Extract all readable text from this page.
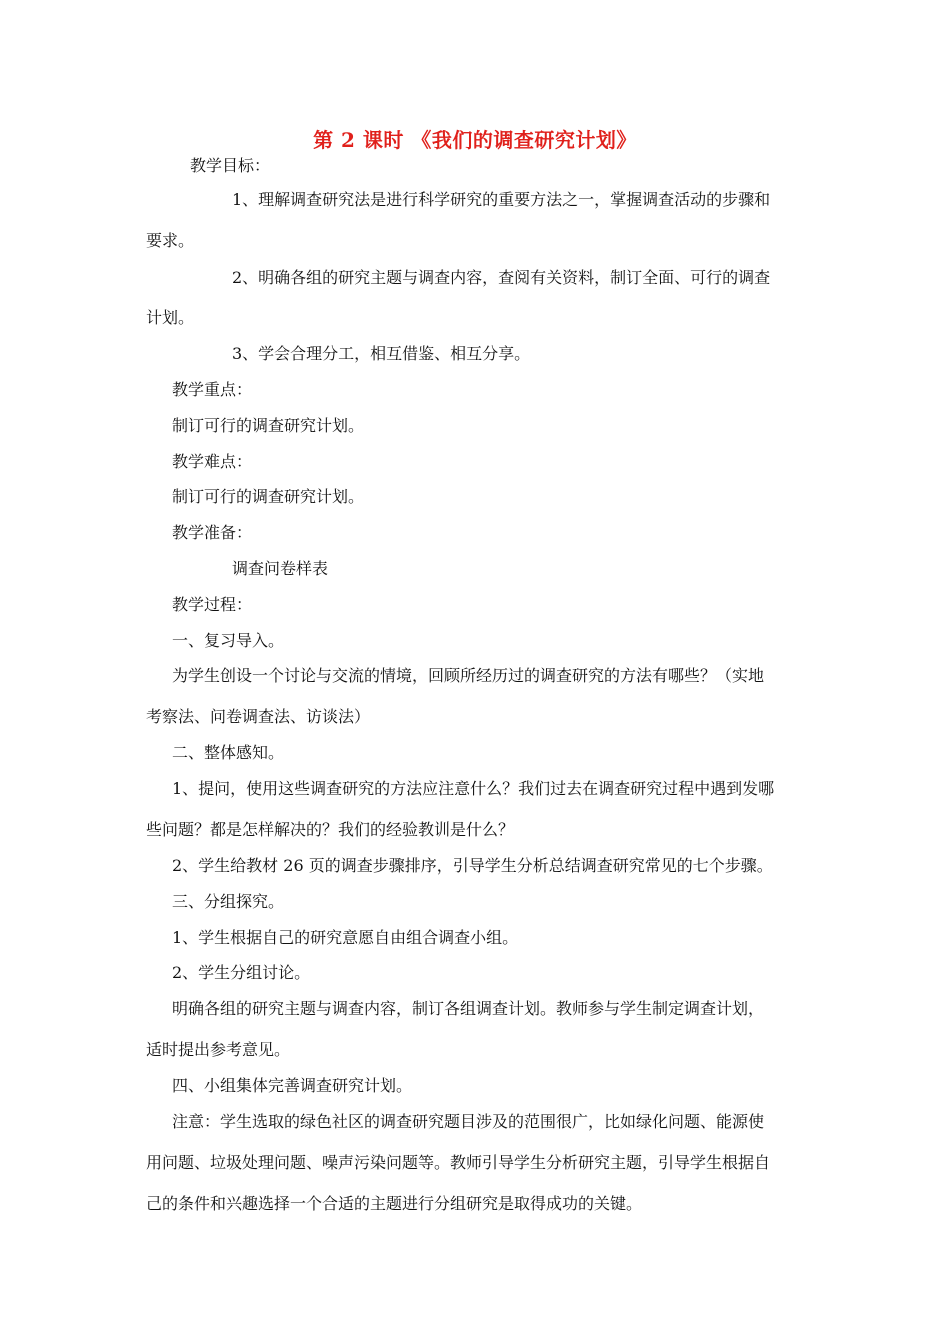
第 2 课时 《我们的调查研究计划》
教学目标：
1、理解调查研究法是进行科学研究的重要方法之一，掌握调查活动的步骤和
要求。
2、明确各组的研究主题与调查内容，查阅有关资料，制订全面、可行的调查
计划。
3、学会合理分工，相互借鉴、相互分享。
教学重点：
制订可行的调查研究计划。
教学难点：
制订可行的调查研究计划。
教学准备：
调查问卷样表
教学过程：
一、复习导入。
为学生创设一个讨论与交流的情境，回顾所经历过的调查研究的方法有哪些？（实地
考察法、问卷调查法、访谈法）
二、整体感知。
1、提问，使用这些调查研究的方法应注意什么？我们过去在调查研究过程中遇到发哪
些问题？都是怎样解决的？我们的经验教训是什么？
2、学生给教材 26 页的调查步骤排序，引导学生分析总结调查研究常见的七个步骤。
三、分组探究。
1、学生根据自己的研究意愿自由组合调查小组。
2、学生分组讨论。
明确各组的研究主题与调查内容，制订各组调查计划。教师参与学生制定调查计划，
适时提出参考意见。
四、小组集体完善调查研究计划。
注意：学生选取的绿色社区的调查研究题目涉及的范围很广，比如绿化问题、能源使
用问题、垃圾处理问题、噪声污染问题等。教师引导学生分析研究主题，引导学生根据自
己的条件和兴趣选择一个合适的主题进行分组研究是取得成功的关键。
